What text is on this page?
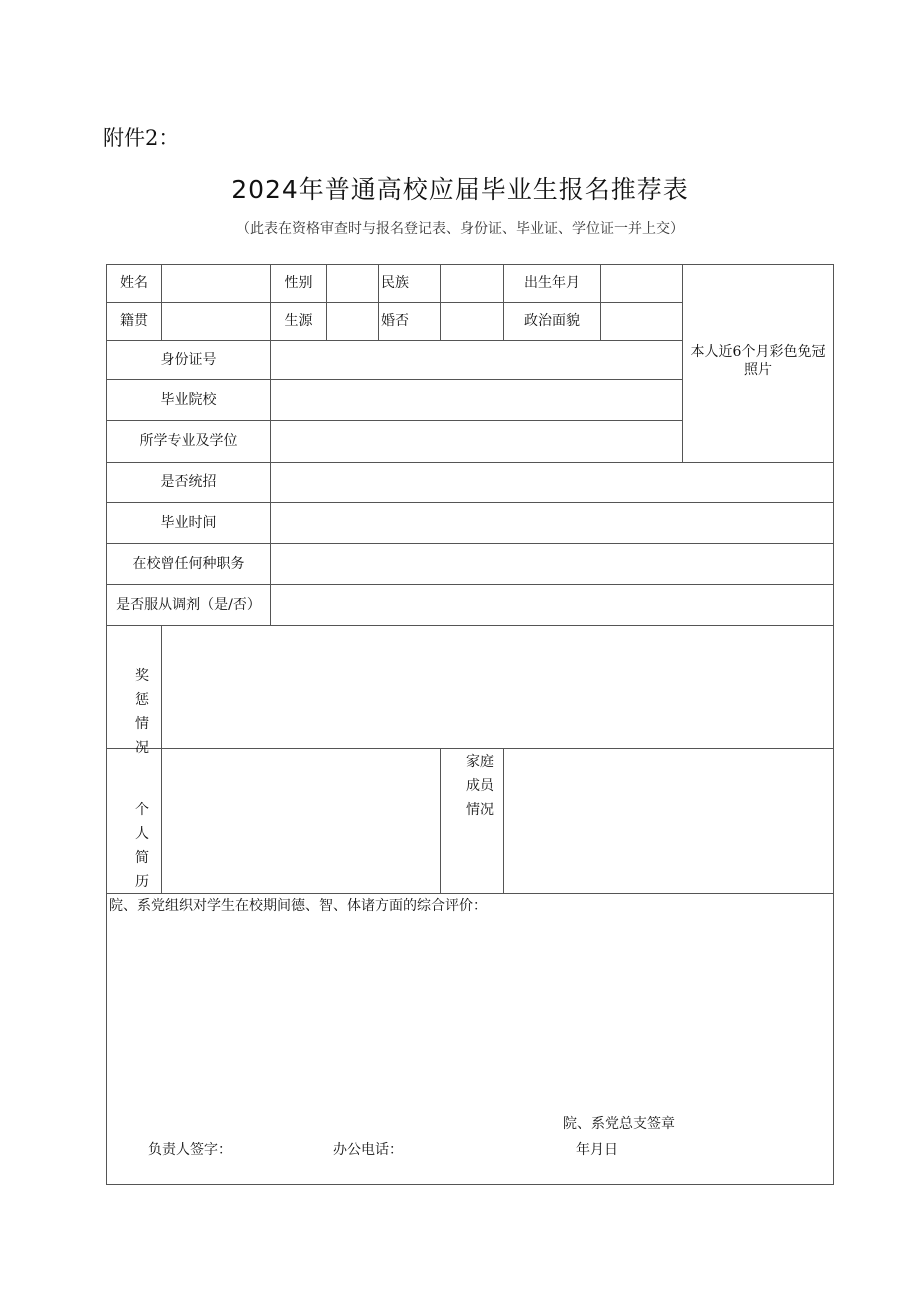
附件2：
2024年普通高校应届毕业生报名推荐表
（此表在资格审查时与报名登记表、身份证、毕业证、学位证一并上交）
姓名	性别	民族	出生年月
籍贯	生源	婚否	政治面貌
本人近6个月彩色免冠照片
身份证号
毕业院校
所学专业及学位
是否统招
毕业时间
在校曾任何种职务
是否服从调剂（是/否）
奖惩情况
个人简历
家庭成员情况
院、系党组织对学生在校期间德、智、体诸方面的综合评价：
院、系党总支签章
负责人签字：	办公电话：	年月日
